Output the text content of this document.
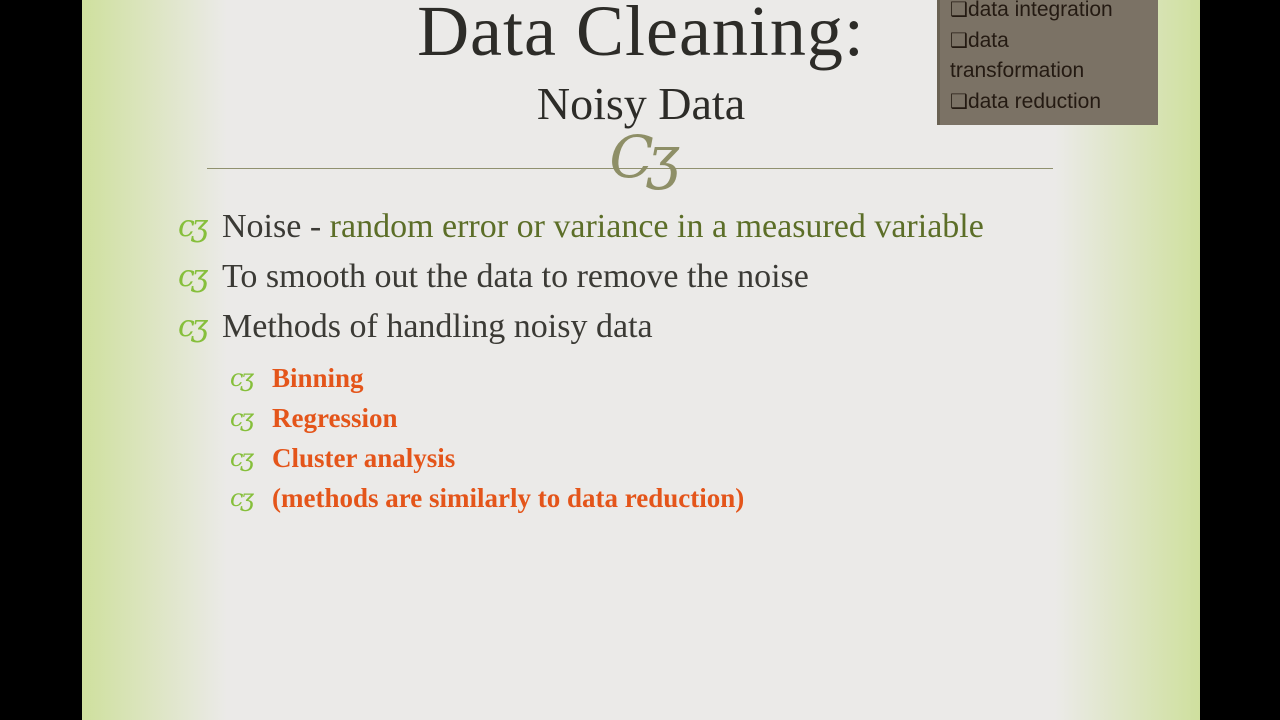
Data Cleaning:
Noisy Data
Cʒ
❑data integration
❑data transformation
❑data reduction
cʒ Noise - random error or variance in a measured variable
cʒ To smooth out the data to remove the noise
cʒ Methods of handling noisy data
cʒ Binning
cʒ Regression
cʒ Cluster analysis
cʒ (methods are similarly to data reduction)
